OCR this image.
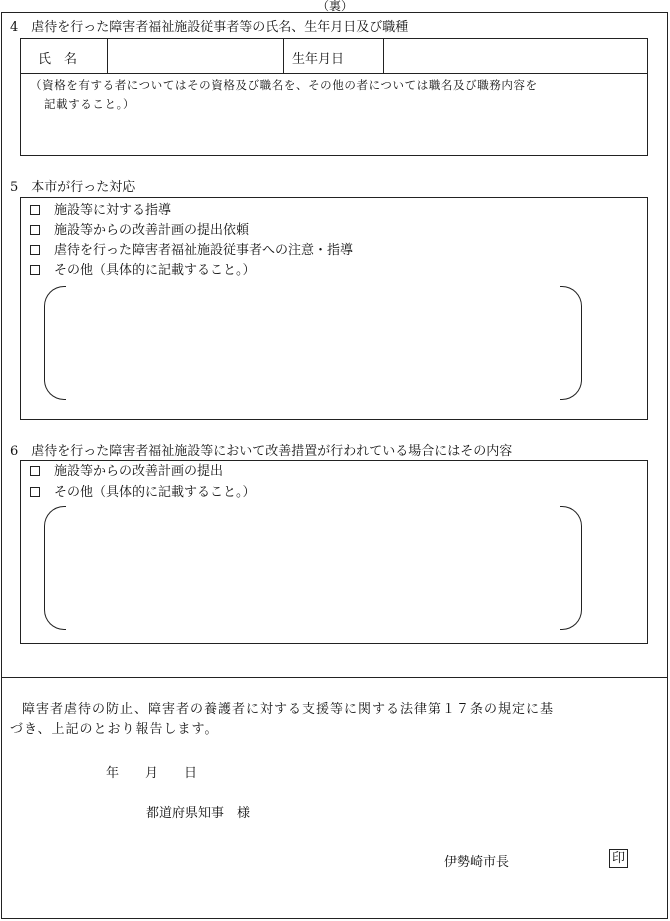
（裏）
4　虐待を行った障害者福祉施設従事者等の氏名、生年月日及び職種
氏　名	生年月日
（資格を有する者についてはその資格及び職名を、その他の者については職名及び職務内容を
記載すること。）
5　本市が行った対応
施設等に対する指導
施設等からの改善計画の提出依頼
虐待を行った障害者福祉施設従事者への注意・指導
その他（具体的に記載すること。）
6　虐待を行った障害者福祉施設等において改善措置が行われている場合にはその内容
施設等からの改善計画の提出
その他（具体的に記載すること。）
障害者虐待の防止、障害者の養護者に対する支援等に関する法律第１７条の規定に基
づき、上記のとおり報告します。
年　　月　　日
都道府県知事　様
伊勢崎市長	印
